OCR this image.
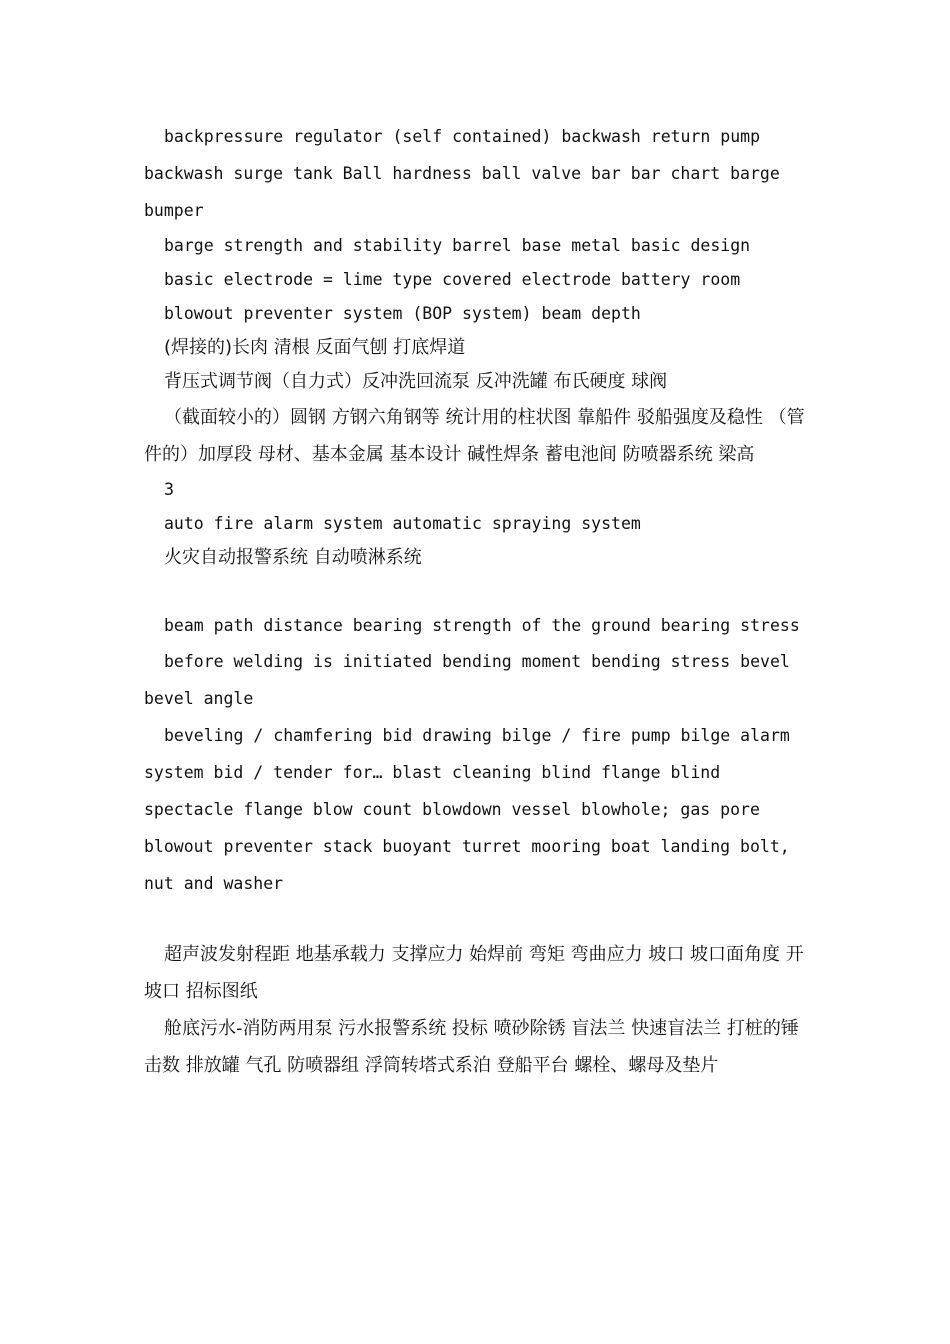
backpressure regulator (self contained) backwash return pump backwash surge tank Ball hardness ball valve bar bar chart barge bumper

barge strength and stability barrel base metal basic design

basic electrode = lime type covered electrode battery room

blowout preventer system (BOP system) beam depth

(焊接的)长肉 清根 反面气刨 打底焊道

背压式调节阀（自力式）反冲洗回流泵 反冲洗罐 布氏硬度 球阀

（截面较小的）圆钢 方钢六角钢等 统计用的柱状图 靠船件 驳船强度及稳性 （管件的）加厚段 母材、基本金属 基本设计 碱性焊条 蓄电池间 防喷器系统 梁高

3

auto fire alarm system automatic spraying system

火灾自动报警系统 自动喷淋系统

beam path distance bearing strength of the ground bearing stress

before welding is initiated bending moment bending stress bevel bevel angle

beveling / chamfering bid drawing bilge / fire pump bilge alarm system bid / tender for… blast cleaning blind flange blind spectacle flange blow count blowdown vessel blowhole; gas pore blowout preventer stack buoyant turret mooring boat landing bolt, nut and washer

超声波发射程距 地基承载力 支撑应力 始焊前 弯矩 弯曲应力 坡口 坡口面角度 开坡口 招标图纸

舱底污水-消防两用泵 污水报警系统 投标 喷砂除锈 盲法兰 快速盲法兰 打桩的锤击数 排放罐 气孔 防喷器组 浮筒转塔式系泊 登船平台 螺栓、螺母及垫片
